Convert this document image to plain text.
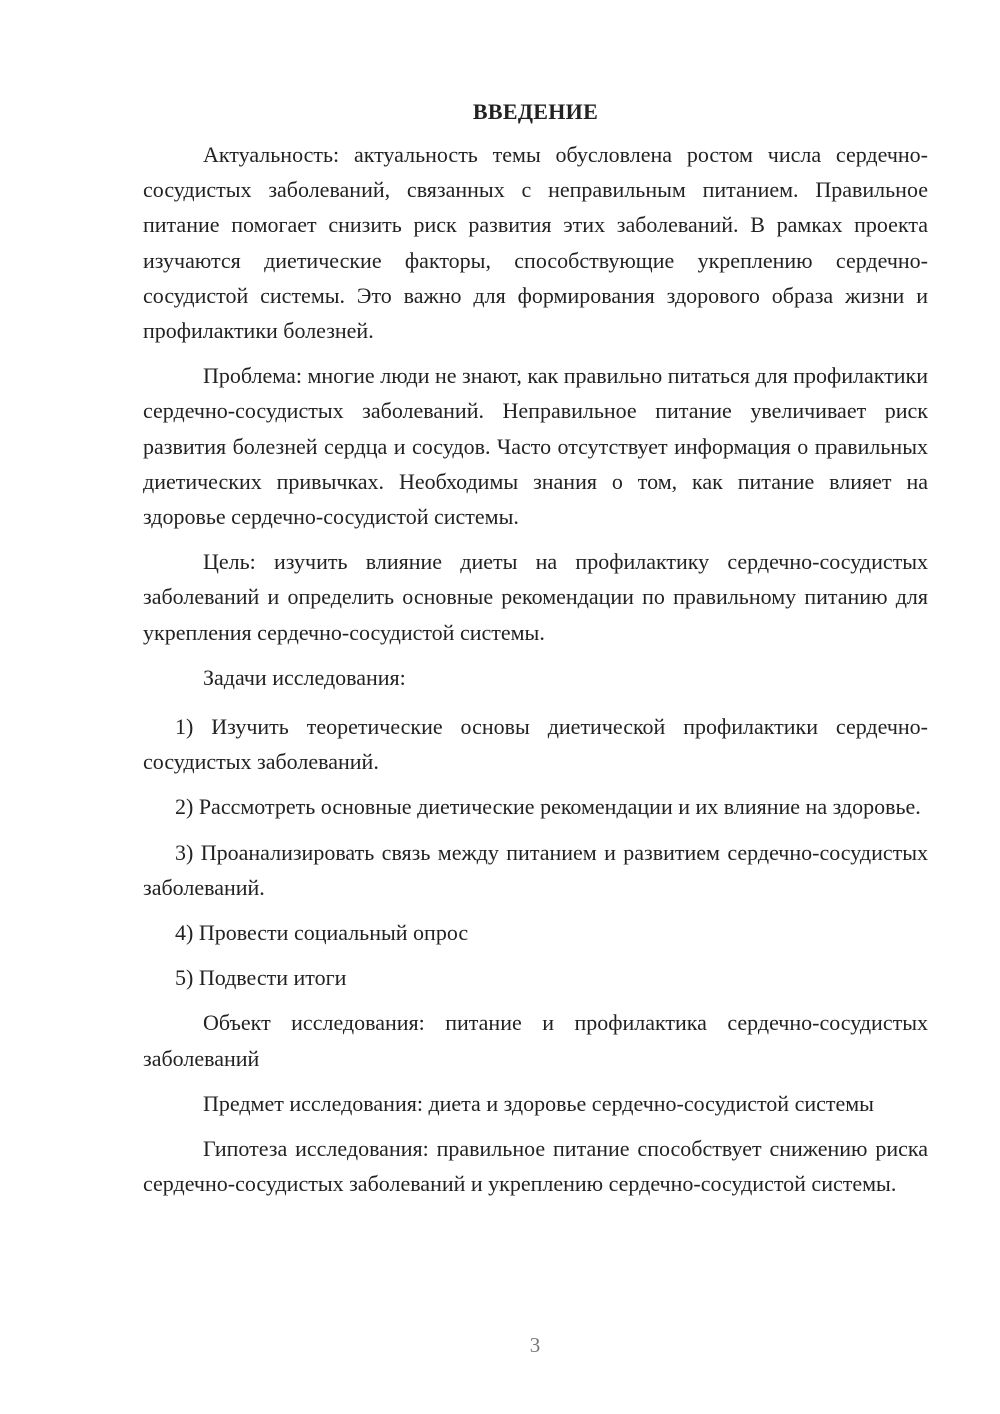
ВВЕДЕНИЕ

Актуальность: актуальность темы обусловлена ростом числа сердечно-сосудистых заболеваний, связанных с неправильным питанием. Правильное питание помогает снизить риск развития этих заболеваний. В рамках проекта изучаются диетические факторы, способствующие укреплению сердечно-сосудистой системы. Это важно для формирования здорового образа жизни и профилактики болезней.

Проблема: многие люди не знают, как правильно питаться для профилактики сердечно-сосудистых заболеваний. Неправильное питание увеличивает риск развития болезней сердца и сосудов. Часто отсутствует информация о правильных диетических привычках. Необходимы знания о том, как питание влияет на здоровье сердечно-сосудистой системы.

Цель: изучить влияние диеты на профилактику сердечно-сосудистых заболеваний и определить основные рекомендации по правильному питанию для укрепления сердечно-сосудистой системы.

Задачи исследования:

1) Изучить теоретические основы диетической профилактики сердечно-сосудистых заболеваний.

2) Рассмотреть основные диетические рекомендации и их влияние на здоровье.

3) Проанализировать связь между питанием и развитием сердечно-сосудистых заболеваний.

4) Провести социальный опрос

5) Подвести итоги

Объект исследования: питание и профилактика сердечно-сосудистых заболеваний

Предмет исследования: диета и здоровье сердечно-сосудистой системы

Гипотеза исследования: правильное питание способствует снижению риска сердечно-сосудистых заболеваний и укреплению сердечно-сосудистой системы.

3
